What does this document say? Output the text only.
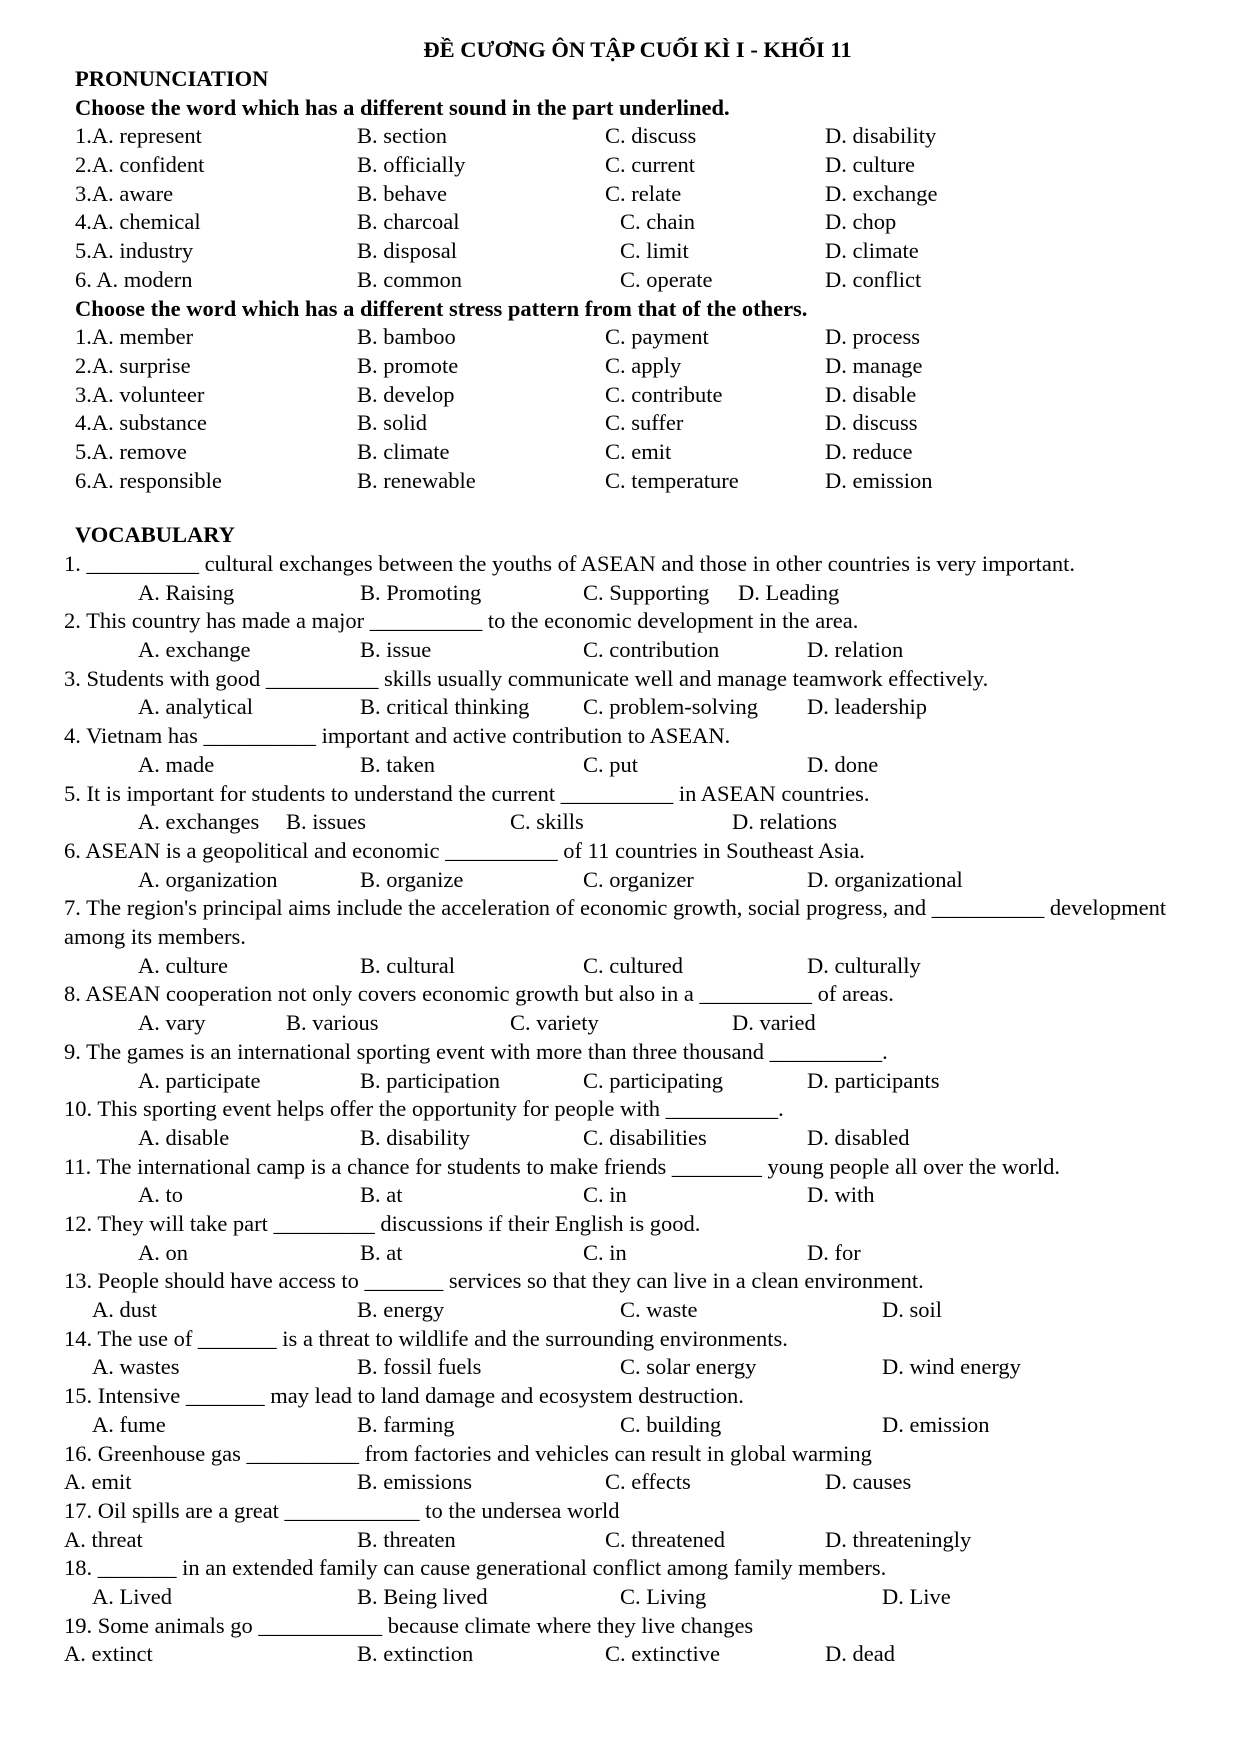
ĐỀ CƯƠNG ÔN TẬP CUỐI KÌ I - KHỐI 11
PRONUNCIATION
Choose the word which has a different sound in the part underlined.
1.A. represent	B. section	C. discuss	D. disability
2.A. confident	B. officially	C. current	D. culture
3.A. aware	B. behave	C. relate	D. exchange
4.A. chemical	B. charcoal	C. chain	D. chop
5.A. industry	B. disposal	C. limit	D. climate
6. A. modern	B. common	C. operate	D. conflict
Choose the word which has a different stress pattern from that of the others.
1.A. member	B. bamboo	C. payment	D. process
2.A. surprise	B. promote	C. apply	D. manage
3.A. volunteer	B. develop	C. contribute	D. disable
4.A. substance	B. solid	C. suffer	D. discuss
5.A. remove	B. climate	C. emit	D. reduce
6.A. responsible	B. renewable	C. temperature	D. emission
VOCABULARY
1. __________ cultural exchanges between the youths of ASEAN and those in other countries is very important.
A. Raising	B. Promoting	C. Supporting D. Leading
2. This country has made a major __________ to the economic development in the area.
A. exchange	B. issue	C. contribution	D. relation
3. Students with good __________ skills usually communicate well and manage teamwork effectively.
A. analytical	B. critical thinking C. problem-solving D. leadership
4. Vietnam has __________ important and active contribution to ASEAN.
A. made	B. taken	C. put	D. done
5. It is important for students to understand the current __________ in ASEAN countries.
A. exchanges B. issues	C. skills	D. relations
6. ASEAN is a geopolitical and economic __________ of 11 countries in Southeast Asia.
A. organization	B. organize	C. organizer	D. organizational
7. The region's principal aims include the acceleration of economic growth, social progress, and __________ development among its members.
A. culture	B. cultural	C. cultured	D. culturally
8. ASEAN cooperation not only covers economic growth but also in a __________ of areas.
A. vary	B. various	C. variety	D. varied
9. The games is an international sporting event with more than three thousand __________.
A. participate	B. participation	C. participating	D. participants
10. This sporting event helps offer the opportunity for people with __________.
A. disable	B. disability	C. disabilities	D. disabled
11. The international camp is a chance for students to make friends ________ young people all over the world.
A. to	B. at	C. in	D. with
12. They will take part _________ discussions if their English is good.
A. on	B. at	C. in	D. for
13. People should have access to _______ services so that they can live in a clean environment.
A. dust	B. energy	C. waste	D. soil
14. The use of _______ is a threat to wildlife and the surrounding environments.
A. wastes	B. fossil fuels	C. solar energy	D. wind energy
15. Intensive _______ may lead to land damage and ecosystem destruction.
A. fume	B. farming	C. building	D. emission
16. Greenhouse gas __________ from factories and vehicles can result in global warming
A. emit	B. emissions	C. effects	D. causes
17. Oil spills are a great ____________ to the undersea world
A. threat	B. threaten	C. threatened	D. threateningly
18. _______ in an extended family can cause generational conflict among family members.
A. Lived	B. Being lived	C. Living	D. Live
19. Some animals go ___________ because climate where they live changes
A. extinct	B. extinction	C. extinctive	D. dead
